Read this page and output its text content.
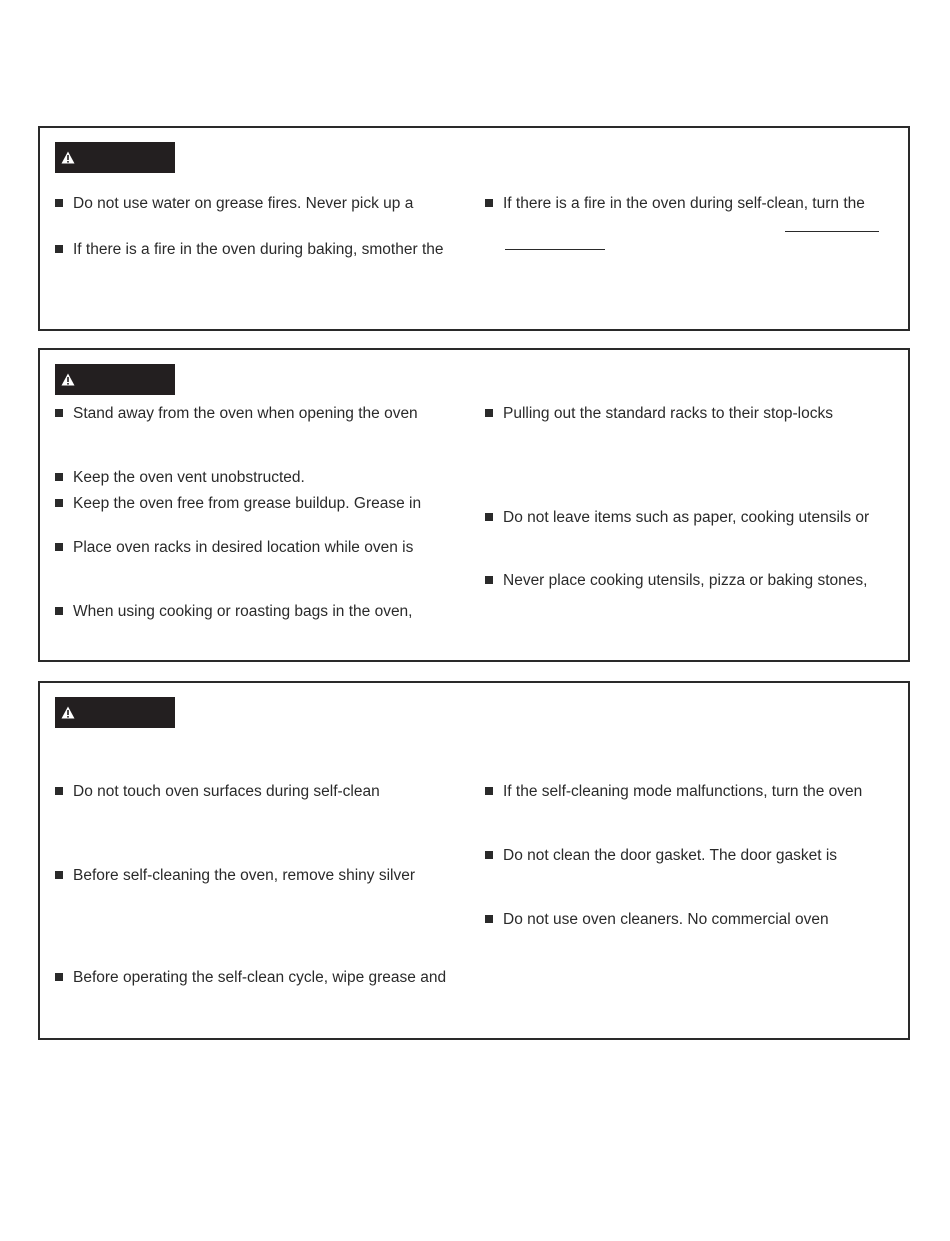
Do not use water on grease fires. Never pick up a
If there is a fire in the oven during baking, smother the
If there is a fire in the oven during self-clean, turn the
Stand away from the oven when opening the oven
Keep the oven vent unobstructed.
Keep the oven free from grease buildup. Grease in
Place oven racks in desired location while oven is
When using cooking or roasting bags in the oven,
Pulling out the standard racks to their stop-locks
Do not leave items such as paper, cooking utensils or
Never place cooking utensils, pizza or baking stones,
Do not touch oven surfaces during self-clean
Before self-cleaning the oven, remove shiny silver
Before operating the self-clean cycle, wipe grease and
If the self-cleaning mode malfunctions, turn the oven
Do not clean the door gasket. The door gasket is
Do not use oven cleaners. No commercial oven
